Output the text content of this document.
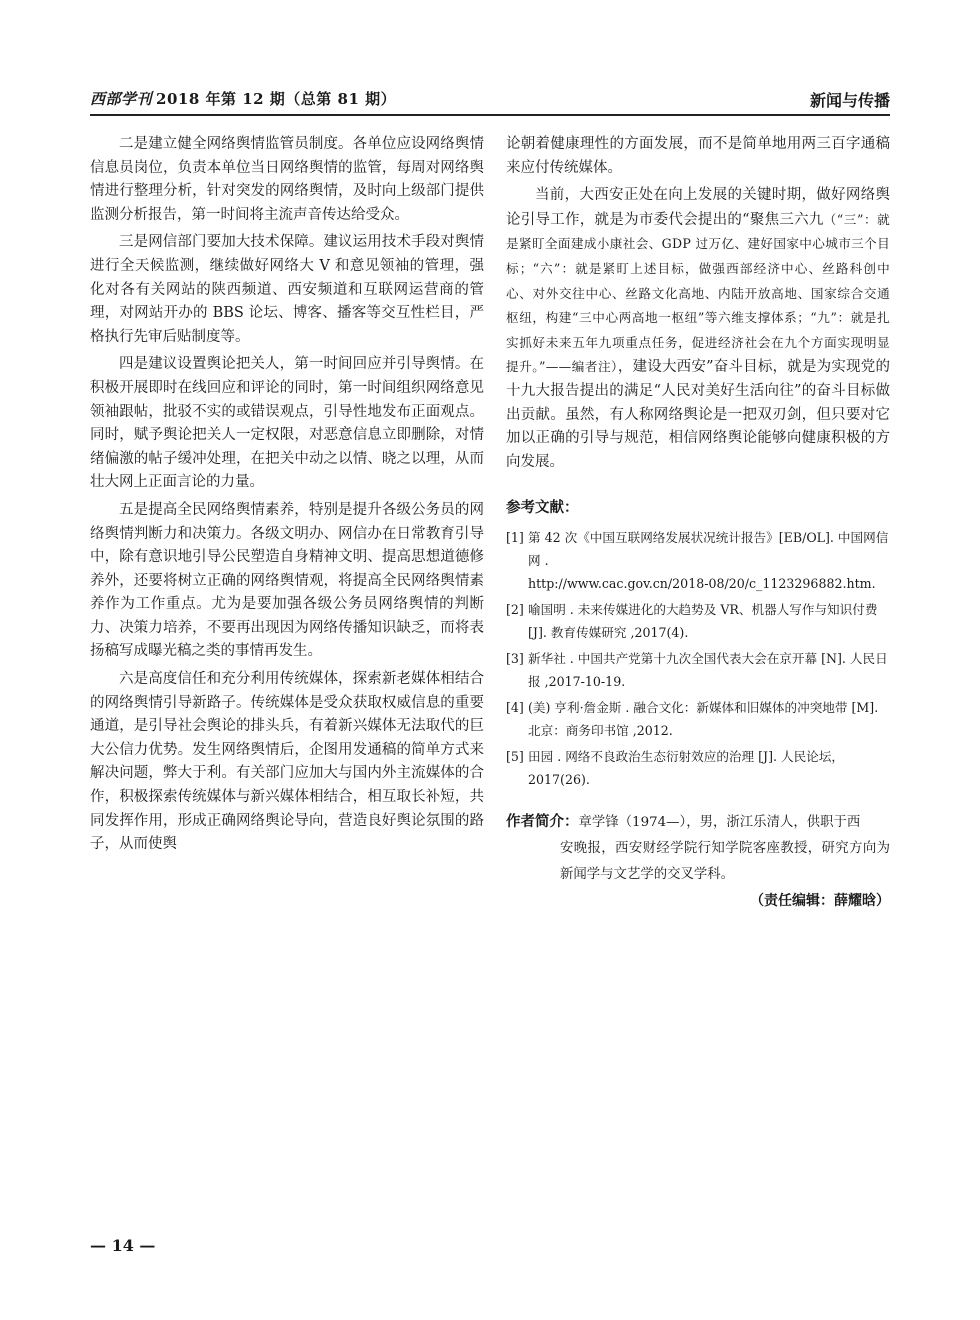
西部学刊 2018 年第 12 期（总第 81 期）	新闻与传播

二是建立健全网络舆情监管员制度。各单位应设网络舆情信息员岗位，负责本单位当日网络舆情的监管，每周对网络舆情进行整理分析，针对突发的网络舆情，及时向上级部门提供监测分析报告，第一时间将主流声音传达给受众。

三是网信部门要加大技术保障。建议运用技术手段对舆情进行全天候监测，继续做好网络大 V 和意见领袖的管理，强化对各有关网站的陕西频道、西安频道和互联网运营商的管理，对网站开办的 BBS 论坛、博客、播客等交互性栏目，严格执行先审后贴制度等。

四是建议设置舆论把关人，第一时间回应并引导舆情。在积极开展即时在线回应和评论的同时，第一时间组织网络意见领袖跟帖，批驳不实的或错误观点，引导性地发布正面观点。同时，赋予舆论把关人一定权限，对恶意信息立即删除，对情绪偏激的帖子缓冲处理，在把关中动之以情、晓之以理，从而壮大网上正面言论的力量。

五是提高全民网络舆情素养，特别是提升各级公务员的网络舆情判断力和决策力。各级文明办、网信办在日常教育引导中，除有意识地引导公民塑造自身精神文明、提高思想道德修养外，还要将树立正确的网络舆情观，将提高全民网络舆情素养作为工作重点。尤为是要加强各级公务员网络舆情的判断力、决策力培养，不要再出现因为网络传播知识缺乏，而将表扬稿写成曝光稿之类的事情再发生。

六是高度信任和充分利用传统媒体，探索新老媒体相结合的网络舆情引导新路子。传统媒体是受众获取权威信息的重要通道，是引导社会舆论的排头兵，有着新兴媒体无法取代的巨大公信力优势。发生网络舆情后，企图用发通稿的简单方式来解决问题，弊大于利。有关部门应加大与国内外主流媒体的合作，积极探索传统媒体与新兴媒体相结合，相互取长补短，共同发挥作用，形成正确网络舆论导向，营造良好舆论氛围的路子，从而使舆

论朝着健康理性的方面发展，而不是简单地用两三百字通稿来应付传统媒体。

当前，大西安正处在向上发展的关键时期，做好网络舆论引导工作，就是为市委代会提出的“聚焦三六九（“三”：就是紧盯全面建成小康社会、GDP 过万亿、建好国家中心城市三个目标；“六”：就是紧盯上述目标，做强西部经济中心、丝路科创中心、对外交往中心、丝路文化高地、内陆开放高地、国家综合交通枢纽，构建“三中心两高地一枢纽”等六维支撑体系；“九”：就是扎实抓好未来五年九项重点任务，促进经济社会在九个方面实现明显提升。”——编者注），建设大西安”奋斗目标，就是为实现党的十九大报告提出的满足“人民对美好生活向往”的奋斗目标做出贡献。虽然，有人称网络舆论是一把双刃剑，但只要对它加以正确的引导与规范，相信网络舆论能够向健康积极的方向发展。

参考文献：
[1] 第 42 次《中国互联网络发展状况统计报告》[EB/OL]. 中国网信网 .
http://www.cac.gov.cn/2018-08/20/c_1123296882.htm.
[2] 喻国明 . 未来传媒进化的大趋势及 VR、机器人写作与知识付费 [J]. 教育传媒研究 ,2017(4).
[3] 新华社 . 中国共产党第十九次全国代表大会在京开幕 [N]. 人民日报 ,2017-10-19.
[4] (美) 亨利·詹金斯 . 融合文化：新媒体和旧媒体的冲突地带 [M]. 北京：商务印书馆 ,2012.
[5] 田园 . 网络不良政治生态衍射效应的治理 [J]. 人民论坛，2017(26).
作者简介：章学锋（1974—），男，浙江乐清人，供职于西
安晚报，西安财经学院行知学院客座教授，研究方向为新闻学与文艺学的交叉学科。
（责任编辑：薛耀晗）
— 14 —
